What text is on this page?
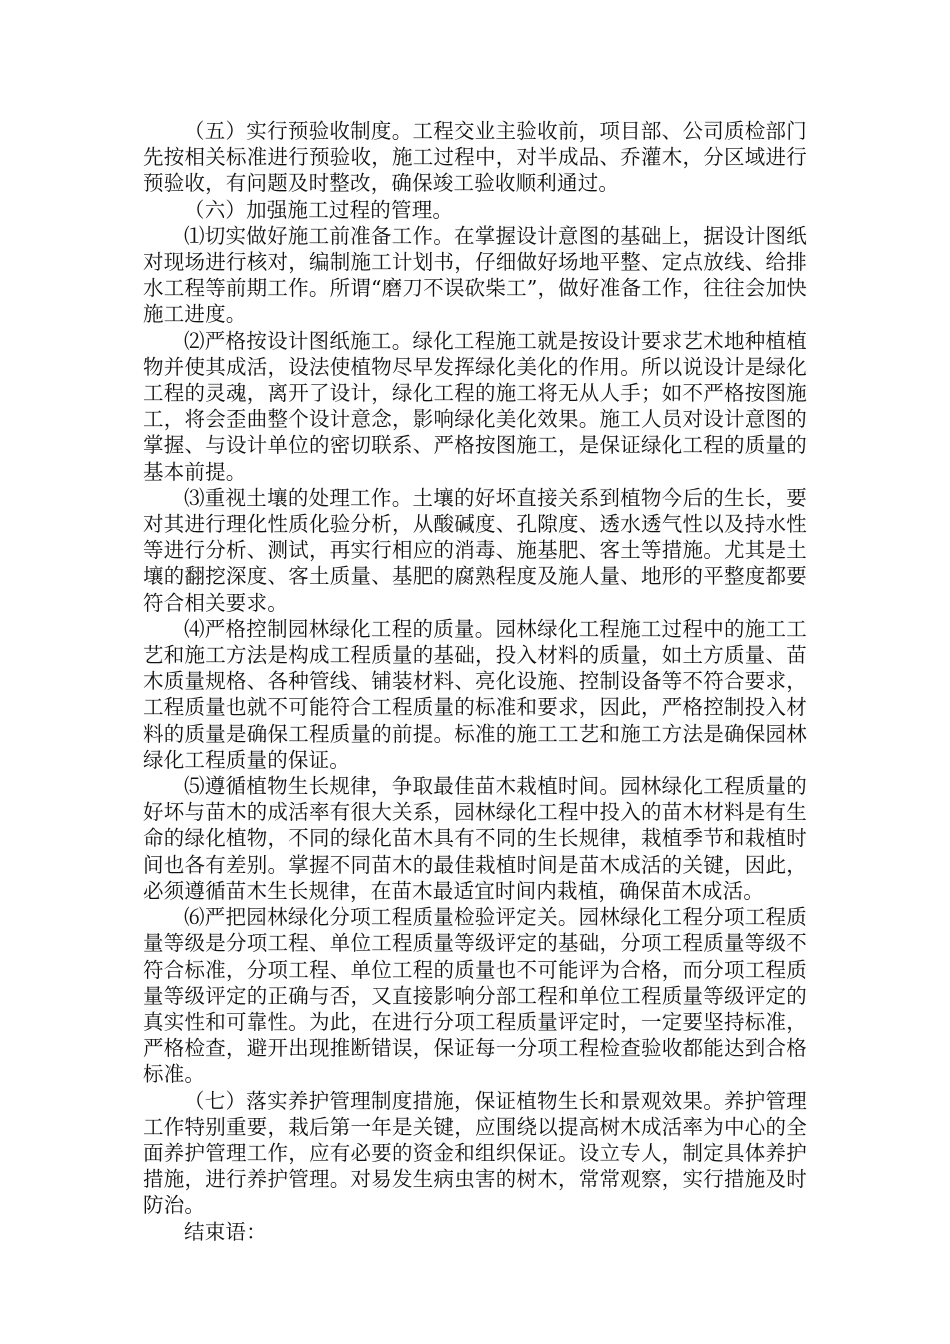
（五）实行预验收制度。工程交业主验收前，项目部、公司质检部门先按相关标准进行预验收，施工过程中，对半成品、乔灌木，分区域进行预验收，有问题及时整改，确保竣工验收顺利通过。

（六）加强施工过程的管理。

⑴切实做好施工前准备工作。在掌握设计意图的基础上，据设计图纸对现场进行核对，编制施工计划书，仔细做好场地平整、定点放线、给排水工程等前期工作。所谓“磨刀不误砍柴工”，做好准备工作，往往会加快施工进度。

⑵严格按设计图纸施工。绿化工程施工就是按设计要求艺术地种植植物并使其成活，设法使植物尽早发挥绿化美化的作用。所以说设计是绿化工程的灵魂，离开了设计，绿化工程的施工将无从人手；如不严格按图施工，将会歪曲整个设计意念，影响绿化美化效果。施工人员对设计意图的掌握、与设计单位的密切联系、严格按图施工，是保证绿化工程的质量的基本前提。

⑶重视土壤的处理工作。土壤的好坏直接关系到植物今后的生长，要对其进行理化性质化验分析，从酸碱度、孔隙度、透水透气性以及持水性等进行分析、测试，再实行相应的消毒、施基肥、客土等措施。尤其是土壤的翻挖深度、客土质量、基肥的腐熟程度及施人量、地形的平整度都要符合相关要求。

⑷严格控制园林绿化工程的质量。园林绿化工程施工过程中的施工工艺和施工方法是构成工程质量的基础，投入材料的质量，如土方质量、苗木质量规格、各种管线、铺装材料、亮化设施、控制设备等不符合要求，工程质量也就不可能符合工程质量的标准和要求，因此，严格控制投入材料的质量是确保工程质量的前提。标准的施工工艺和施工方法是确保园林绿化工程质量的保证。

⑸遵循植物生长规律，争取最佳苗木栽植时间。园林绿化工程质量的好坏与苗木的成活率有很大关系，园林绿化工程中投入的苗木材料是有生命的绿化植物，不同的绿化苗木具有不同的生长规律，栽植季节和栽植时间也各有差别。掌握不同苗木的最佳栽植时间是苗木成活的关键，因此，必须遵循苗木生长规律，在苗木最适宜时间内栽植，确保苗木成活。

⑹严把园林绿化分项工程质量检验评定关。园林绿化工程分项工程质量等级是分项工程、单位工程质量等级评定的基础，分项工程质量等级不符合标准，分项工程、单位工程的质量也不可能评为合格，而分项工程质量等级评定的正确与否，又直接影响分部工程和单位工程质量等级评定的真实性和可靠性。为此，在进行分项工程质量评定时，一定要坚持标准，严格检查，避开出现推断错误，保证每一分项工程检查验收都能达到合格标准。

（七）落实养护管理制度措施，保证植物生长和景观效果。养护管理工作特别重要，栽后第一年是关键，应围绕以提高树木成活率为中心的全面养护管理工作，应有必要的资金和组织保证。设立专人，制定具体养护措施，进行养护管理。对易发生病虫害的树木，常常观察，实行措施及时防治。

结束语：
